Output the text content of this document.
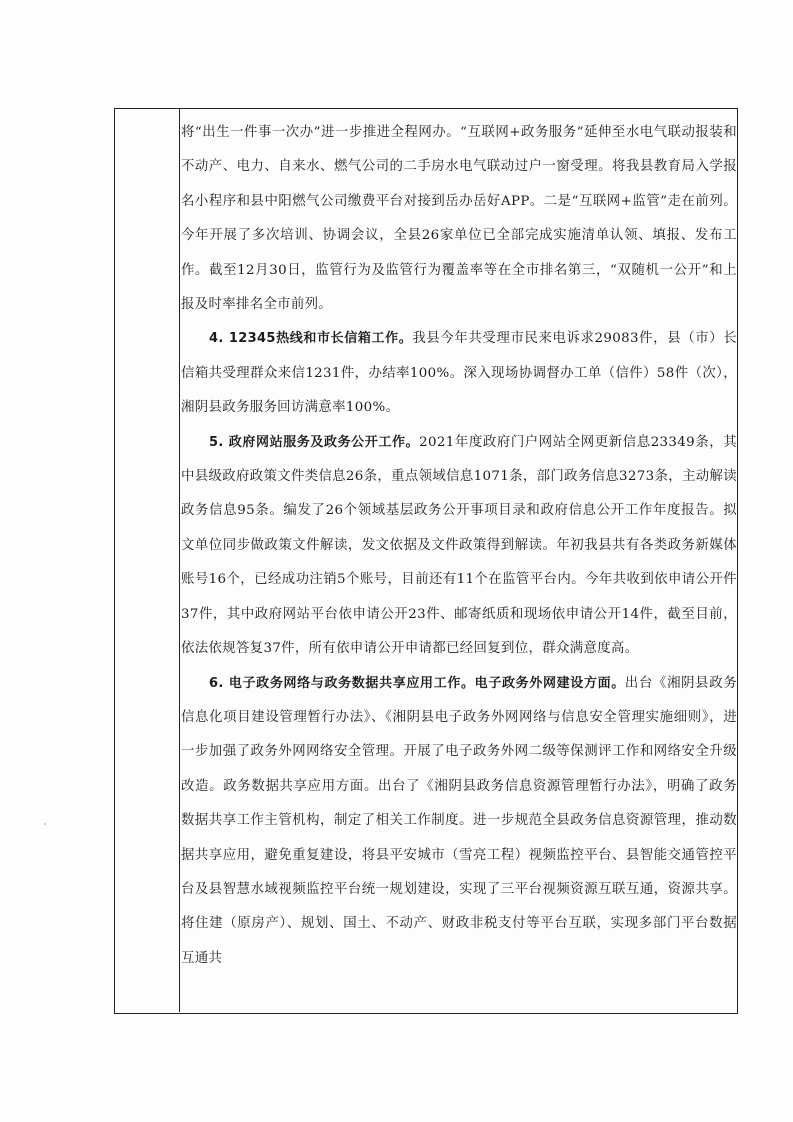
将“出生一件事一次办”进一步推进全程网办。“互联网+政务服务”延伸至水电气联动报装和不动产、电力、自来水、燃气公司的二手房水电气联动过户一窗受理。将我县教育局入学报名小程序和县中阳燃气公司缴费平台对接到岳办岳好APP。二是“互联网+监管”走在前列。今年开展了多次培训、协调会议，全县26家单位已全部完成实施清单认领、填报、发布工作。截至12月30日，监管行为及监管行为覆盖率等在全市排名第三，“双随机一公开”和上报及时率排名全市前列。

4. 12345热线和市长信箱工作。我县今年共受理市民来电诉求29083件，县（市）长信箱共受理群众来信1231件，办结率100%。深入现场协调督办工单（信件）58件（次），湘阴县政务服务回访满意率100%。

5. 政府网站服务及政务公开工作。2021年度政府门户网站全网更新信息23349条，其中县级政府政策文件类信息26条，重点领域信息1071条，部门政务信息3273条，主动解读政务信息95条。编发了26个领域基层政务公开事项目录和政府信息公开工作年度报告。拟文单位同步做政策文件解读，发文依据及文件政策得到解读。年初我县共有各类政务新媒体账号16个，已经成功注销5个账号，目前还有11个在监管平台内。今年共收到依申请公开件37件，其中政府网站平台依申请公开23件、邮寄纸质和现场依申请公开14件，截至目前，依法依规答复37件，所有依申请公开申请都已经回复到位，群众满意度高。

6. 电子政务网络与政务数据共享应用工作。电子政务外网建设方面。出台《湘阴县政务信息化项目建设管理暂行办法》、《湘阴县电子政务外网网络与信息安全管理实施细则》，进一步加强了政务外网网络安全管理。开展了电子政务外网二级等保测评工作和网络安全升级改造。政务数据共享应用方面。出台了《湘阴县政务信息资源管理暂行办法》，明确了政务数据共享工作主管机构，制定了相关工作制度。进一步规范全县政务信息资源管理，推动数据共享应用，避免重复建设，将县平安城市（雪亮工程）视频监控平台、县智能交通管控平台及县智慧水域视频监控平台统一规划建设，实现了三平台视频资源互联互通，资源共享。将住建（原房产）、规划、国土、不动产、财政非税支付等平台互联，实现多部门平台数据互通共
